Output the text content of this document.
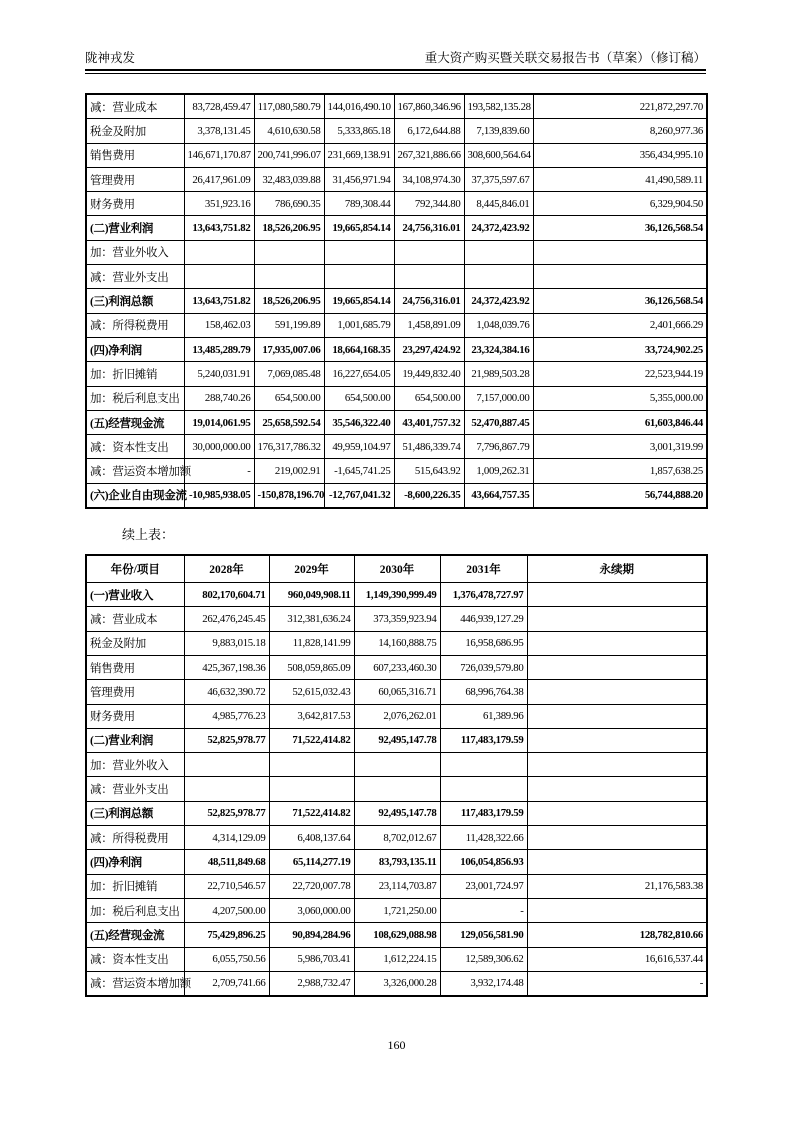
陇神戎发	重大资产购买暨关联交易报告书（草案）（修订稿）
减：营业成本	83,728,459.47	117,080,580.79	144,016,490.10	167,860,346.96	193,582,135.28	221,872,297.70
税金及附加	3,378,131.45	4,610,630.58	5,333,865.18	6,172,644.88	7,139,839.60	8,260,977.36
销售费用	146,671,170.87	200,741,996.07	231,669,138.91	267,321,886.66	308,600,564.64	356,434,995.10
管理费用	26,417,961.09	32,483,039.88	31,456,971.94	34,108,974.30	37,375,597.67	41,490,589.11
财务费用	351,923.16	786,690.35	789,308.44	792,344.80	8,445,846.01	6,329,904.50
(二)营业利润	13,643,751.82	18,526,206.95	19,665,854.14	24,756,316.01	24,372,423.92	36,126,568.54
加：营业外收入						
减：营业外支出						
(三)利润总额	13,643,751.82	18,526,206.95	19,665,854.14	24,756,316.01	24,372,423.92	36,126,568.54
减：所得税费用	158,462.03	591,199.89	1,001,685.79	1,458,891.09	1,048,039.76	2,401,666.29
(四)净利润	13,485,289.79	17,935,007.06	18,664,168.35	23,297,424.92	23,324,384.16	33,724,902.25
加：折旧摊销	5,240,031.91	7,069,085.48	16,227,654.05	19,449,832.40	21,989,503.28	22,523,944.19
加：税后利息支出	288,740.26	654,500.00	654,500.00	654,500.00	7,157,000.00	5,355,000.00
(五)经营现金流	19,014,061.95	25,658,592.54	35,546,322.40	43,401,757.32	52,470,887.45	61,603,846.44
减：资本性支出	30,000,000.00	176,317,786.32	49,959,104.97	51,486,339.74	7,796,867.79	3,001,319.99
减：营运资本增加额	-	219,002.91	-1,645,741.25	515,643.92	1,009,262.31	1,857,638.25
(六)企业自由现金流	-10,985,938.05	-150,878,196.70	-12,767,041.32	-8,600,226.35	43,664,757.35	56,744,888.20

续上表：

年份/项目	2028年	2029年	2030年	2031年	永续期
(一)营业收入	802,170,604.71	960,049,908.11	1,149,390,999.49	1,376,478,727.97	
减：营业成本	262,476,245.45	312,381,636.24	373,359,923.94	446,939,127.29	
税金及附加	9,883,015.18	11,828,141.99	14,160,888.75	16,958,686.95	
销售费用	425,367,198.36	508,059,865.09	607,233,460.30	726,039,579.80	
管理费用	46,632,390.72	52,615,032.43	60,065,316.71	68,996,764.38	
财务费用	4,985,776.23	3,642,817.53	2,076,262.01	61,389.96	
(二)营业利润	52,825,978.77	71,522,414.82	92,495,147.78	117,483,179.59	
加：营业外收入					
减：营业外支出					
(三)利润总额	52,825,978.77	71,522,414.82	92,495,147.78	117,483,179.59	
减：所得税费用	4,314,129.09	6,408,137.64	8,702,012.67	11,428,322.66	
(四)净利润	48,511,849.68	65,114,277.19	83,793,135.11	106,054,856.93	
加：折旧摊销	22,710,546.57	22,720,007.78	23,114,703.87	23,001,724.97	21,176,583.38
加：税后利息支出	4,207,500.00	3,060,000.00	1,721,250.00	-	
(五)经营现金流	75,429,896.25	90,894,284.96	108,629,088.98	129,056,581.90	128,782,810.66
减：资本性支出	6,055,750.56	5,986,703.41	1,612,224.15	12,589,306.62	16,616,537.44
减：营运资本增加额	2,709,741.66	2,988,732.47	3,326,000.28	3,932,174.48	-
160
